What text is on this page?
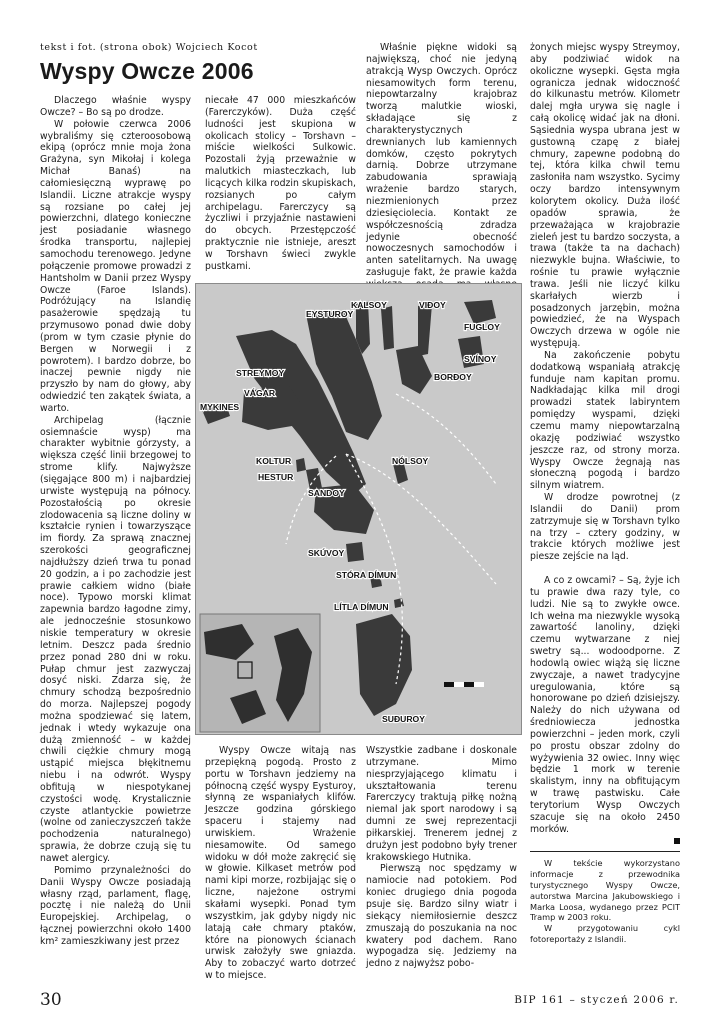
tekst i fot. (strona obok) Wojciech Kocot
Wyspy Owcze 2006

Dlaczego właśnie wyspy Owcze? – Bo są po drodze.

W połowie czerwca 2006 wybraliśmy się czteroosobową ekipą (oprócz mnie moja żona Grażyna, syn Mikołaj i kolega Michał Banaś) na całomiesięczną wyprawę po Islandii. Liczne atrakcje wyspy są rozsiane po całej jej powierzchni, dlatego konieczne jest posiadanie własnego środka transportu, najlepiej samochodu terenowego. Jedyne połączenie promowe prowadzi z Hantsholm w Danii przez Wyspy Owcze (Faroe Islands). Podróżujący na Islandię pasażerowie spędzają tu przymusowo ponad dwie doby (prom w tym czasie płynie do Bergen w Norwegii i z powrotem). I bardzo dobrze, bo inaczej pewnie nigdy nie przyszło by nam do głowy, aby odwiedzić ten zakątek świata, a warto.

Archipelag (łącznie osiemnaście wysp) ma charakter wybitnie górzysty, a większa część linii brzegowej to strome klify. Najwyższe (sięgające 800 m) i najbardziej urwiste występują na północy. Pozostałością po okresie zlodowacenia są liczne doliny w kształcie rynien i towarzyszące im fiordy. Za sprawą znacznej szerokości geograficznej najdłuższy dzień trwa tu ponad 20 godzin, a i po zachodzie jest prawie całkiem widno (białe noce). Typowo morski klimat zapewnia bardzo łagodne zimy, ale jednocześnie stosunkowo niskie temperatury w okresie letnim. Deszcz pada średnio przez ponad 280 dni w roku. Pułap chmur jest zazwyczaj dosyć niski. Zdarza się, że chmury schodzą bezpośrednio do morza. Najlepszej pogody można spodziewać się latem, jednak i wtedy wykazuje ona dużą zmienność – w każdej chwili ciężkie chmury mogą ustąpić miejsca błękitnemu niebu i na odwrót. Wyspy obfitują w niespotykanej czystości wodę. Krystalicznie czyste atlantyckie powietrze (wolne od zanieczyszczeń także pochodzenia naturalnego) sprawia, że dobrze czują się tu nawet alergicy.

Pomimo przynależności do Danii Wyspy Owcze posiadają własny rząd, parlament, flagę, pocztę i nie należą do Unii Europejskiej. Archipelag, o łącznej powierzchni około 1400 km² zamieszkiwany jest przez

niecałe 47 000 mieszkańców (Farerczyków). Duża część ludności jest skupiona w okolicach stolicy – Torshavn – miście wielkości Sulkowic. Pozostali żyją przeważnie w malutkich miasteczkach, lub licących kilka rodzin skupiskach, rozsianych po całym archipelagu. Farerczycy są życzliwi i przyjaźnie nastawieni do obcych. Przestępczość praktycznie nie istnieje, areszt w Torshavn świeci zwykle pustkami.

Właśnie piękne widoki są największą, choć nie jedyną atrakcją Wysp Owczych. Oprócz niesamowitych form terenu, niepowtarzalny krajobraz tworzą malutkie wioski, składające się z charakterystycznych drewnianych lub kamiennych domków, często pokrytych darnią. Dobrze utrzymane zabudowania sprawiają wrażenie bardzo starych, niezmienionych przez dziesięciolecia. Kontakt ze współczesnością zdradza jedynie obecność nowoczesnych samochodów i anten satelitarnych. Na uwagę zasługuje fakt, że prawie każda

KALSOY	VIÐOY
FUGLOY
EYSTUROY
SVÍNOY
STREYMOY	BORÐOY
VÁGAR
MYKINES
KOLTUR
HESTUR
NÓLSOY
SANDOY
SKÚVOY
STÓRA DÍMUN
LÍTLA DÍMUN
SUÐUROY

Wyspy Owcze witają nas przepiękną pogodą. Prosto z portu w Torshavn jedziemy na północną część wyspy Eysturoy, słynną ze wspaniałych klifów. Jeszcze godzina górskiego spaceru i stajemy nad urwiskiem. Wrażenie niesamowite. Od samego widoku w dół może zakręcić się w głowie. Kilkaset metrów pod nami kipi morze, rozbijając się o liczne, najeżone ostrymi skałami wysepki. Ponad tym wszystkim, jak gdyby nigdy nic latają całe chmary ptaków, które na pionowych ścianach urwisk założyły swe gniazda. Aby to zobaczyć warto dotrzeć w to miejsce.

Wszystkie zadbane i doskonale utrzymane. Mimo niesprzyjającego klimatu i ukształtowania terenu Farerczycy traktują piłkę nożną niemal jak sport narodowy i są dumni ze swej reprezentacji piłkarskiej. Trenerem jednej z drużyn jest podobno były trener krakowskiego Hutnika.

Pierwszą noc spędzamy w namiocie nad potokiem. Pod koniec drugiego dnia pogoda psuje się. Bardzo silny wiatr i siekący niemiłosiernie deszcz zmuszają do poszukania na noc kwatery pod dachem. Rano wypogadza się. Jedziemy na jedno z najwyższ pobo-

żonych miejsc wyspy Streymoy, aby podziwiać widok na okoliczne wysepki. Gęsta mgła ogranicza jednak widoczność do kilkunastu metrów. Kilometr dalej mgła urywa się nagle i całą okolicę widać jak na dłoni. Sąsiednia wyspa ubrana jest w gustowną czapę z białej chmury, zapewne podobną do tej, która kilka chwil temu zasłoniła nam wszystko. Sycimy oczy bardzo intensywnym kolorytem okolicy. Duża ilość opadów sprawia, że przeważająca w krajobrazie zieleń jest tu bardzo soczysta, a trawa (także ta na dachach) niezwykle bujna. Właściwie, to rośnie tu prawie wyłącznie trawa. Jeśli nie liczyć kilku skarłałych wierzb i posadzonych jarzębin, można powiedzieć, że na Wyspach Owczych drzewa w ogóle nie występują.

Na zakończenie pobytu dodatkową wspaniałą atrakcję funduje nam kapitan promu. Nadkładając kilka mil drogi prowadzi statek labiryntem pomiędzy wyspami, dzięki czemu mamy niepowtarzalną okazję podziwiać wszystko jeszcze raz, od strony morza. Wyspy Owcze żegnają nas słoneczną pogodą i bardzo silnym wiatrem.

W drodze powrotnej (z Islandii do Danii) prom zatrzymuje się w Torshavn tylko na trzy – cztery godziny, w trakcie których możliwe jest piesze zejście na ląd.

A co z owcami? – Są, żyje ich tu prawie dwa razy tyle, co ludzi. Nie są to zwykłe owce. Ich wełna ma niezwykle wysoką zawartość lanoliny, dzięki czemu wytwarzane z niej swetry są... wodoodporne. Z hodowlą owiec wiążą się liczne zwyczaje, a nawet tradycyjne uregulowania, które są honorowane po dzień dzisiejszy. Należy do nich używana od średniowiecza jednostka powierzchni – jeden mork, czyli po prostu obszar zdolny do wyżywienia 32 owiec. Inny więc będzie 1 mork w terenie skalistym, inny na obfitującym w trawę pastwisku. Całe terytorium Wysp Owczych szacuje się na około 2450 morków.

W tekście wykorzystano informacje z przewodnika turystycznego Wyspy Owcze, autorstwa Marcina Jakubowskiego i Marka Loosa, wydanego przez PCIT Tramp w 2003 roku.

W przygotowaniu cykl fotoreportaży z Islandii.

30	BIP 161 – styczeń 2006 r.
